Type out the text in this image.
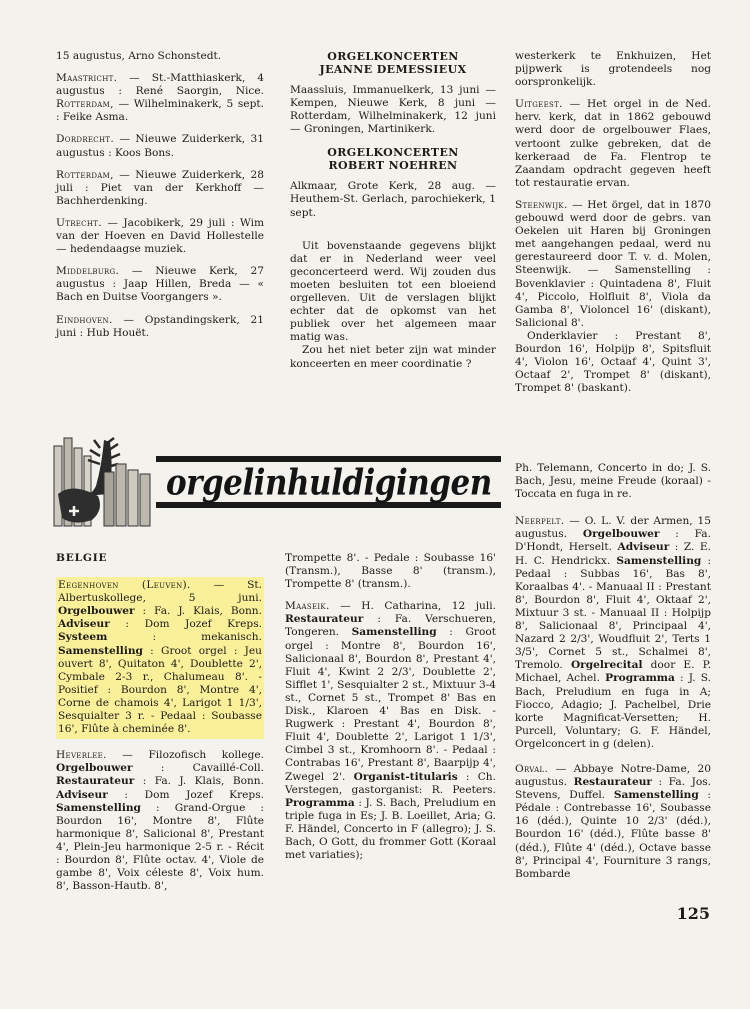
15 augustus, Arno Schonstedt.

Maastricht. — St.-Matthiaskerk, 4 augustus : René Saorgin, Nice. Rotterdam, — Wilhelminakerk, 5 sept. : Feike Asma.

Dordrecht. — Nieuwe Zuiderkerk, 31 augustus : Koos Bons.

Rotterdam, — Nieuwe Zuiderkerk, 28 juli : Piet van der Kerkhoff — Bachherdenking.

Utrecht. — Jacobikerk, 29 juli : Wim van der Hoeven en David Hollestelle — hedendaagse muziek.

Middelburg. — Nieuwe Kerk, 27 augustus : Jaap Hillen, Breda — « Bach en Duitse Voorgangers ».

Eindhoven. — Opstandingskerk, 21 juni : Hub Houët.

ORGELKONCERTEN
JEANNE DEMESSIEUX

Maassluis, Immanuelkerk, 13 juni — Kempen, Nieuwe Kerk, 8 juni — Rotterdam, Wilhelminakerk, 12 juni — Groningen, Martinikerk.

ORGELKONCERTEN
ROBERT NOEHREN

Alkmaar, Grote Kerk, 28 aug. — Heuthem-St. Gerlach, parochiekerk, 1 sept.

Uit bovenstaande gegevens blijkt dat er in Nederland weer veel geconcerteerd werd. Wij zouden dus moeten besluiten tot een bloeiend orgelleven. Uit de verslagen blijkt echter dat de opkomst van het publiek over het algemeen maar matig was.

Zou het niet beter zijn wat minder konceerten en meer coordinatie ?

westerkerk te Enkhuizen, Het pijpwerk is grotendeels nog oorspronkelijk.

Uitgeest. — Het orgel in de Ned. herv. kerk, dat in 1862 gebouwd werd door de orgelbouwer Flaes, vertoont zulke gebreken, dat de kerkeraad de Fa. Flentrop te Zaandam opdracht gegeven heeft tot restauratie ervan.

Steenwijk. — Het örgel, dat in 1870 gebouwd werd door de gebrs. van Oekelen uit Haren bij Groningen met aangehangen pedaal, werd nu gerestaureerd door T. v. d. Molen, Steenwijk. — Samenstelling : Bovenklavier : Quintadena 8', Fluit 4', Piccolo, Holfluit 8', Viola da Gamba 8', Violoncel 16' (diskant), Salicional 8'.

Onderklavier : Prestant 8', Bourdon 16', Holpijp 8', Spitsfluit 4', Violon 16', Octaaf 4', Quint 3', Octaaf 2', Trompet 8' (diskant), Trompet 8' (baskant).

orgelinhuldigingen

BELGIE

Eegenhoven (Leuven). — St. Albertuskollege, 5 juni. Orgelbouwer : Fa. J. Klais, Bonn. Adviseur : Dom Jozef Kreps. Systeem : mekanisch. Samenstelling : Groot orgel : Jeu ouvert 8', Quitaton 4', Doublette 2', Cymbale 2-3 r., Chalumeau 8'. - Positief : Bourdon 8', Montre 4', Corne de chamois 4', Larigot 1 1/3', Sesquialter 3 r. - Pedaal : Soubasse 16', Flûte à cheminée 8'.

Heverlee. — Filozofisch kollege. Orgelbouwer : Cavaillé-Coll. Restaurateur : Fa. J. Klais, Bonn. Adviseur : Dom Jozef Kreps. Samenstelling : Grand-Orgue : Bourdon 16', Montre 8', Flûte harmonique 8', Salicional 8', Prestant 4', Plein-Jeu harmonique 2-5 r. - Récit : Bourdon 8', Flûte octav. 4', Viole de gambe 8', Voix céleste 8', Voix hum. 8', Basson-Hautb. 8',

Trompette 8'. - Pedale : Soubasse 16' (Transm.), Basse 8' (transm.), Trompette 8' (transm.).

Maaseik. — H. Catharina, 12 juli. Restaurateur : Fa. Verschueren, Tongeren. Samenstelling : Groot orgel : Montre 8', Bourdon 16', Salicionaal 8', Bourdon 8', Prestant 4', Fluit 4', Kwint 2 2/3', Doublette 2', Sifflet 1', Sesquialter 2 st., Mixtuur 3-4 st., Cornet 5 st., Trompet 8' Bas en Disk., Klaroen 4' Bas en Disk. - Rugwerk : Prestant 4', Bourdon 8', Fluit 4', Doublette 2', Larigot 1 1/3', Cimbel 3 st., Kromhoorn 8'. - Pedaal : Contrabas 16', Prestant 8', Baarpijp 4', Zwegel 2'. Organist-titularis : Ch. Verstegen, gastorganist: R. Peeters. Programma : J. S. Bach, Preludium en triple fuga in Es; J. B. Loeillet, Aria; G. F. Händel, Concerto in F (allegro); J. S. Bach, O Gott, du frommer Gott (Koraal met variaties);

Ph. Telemann, Concerto in do; J. S. Bach, Jesu, meine Freude (koraal) - Toccata en fuga in re.

Neerpelt. — O. L. V. der Armen, 15 augustus. Orgelbouwer : Fa. D'Hondt, Herselt. Adviseur : Z. E. H. C. Hendrickx. Samenstelling : Pedaal : Subbas 16', Bas 8', Koraalbas 4'. - Manuaal II : Prestant 8', Bourdon 8', Fluit 4', Oktaaf 2', Mixtuur 3 st. - Manuaal II : Holpijp 8', Salicionaal 8', Principaal 4', Nazard 2 2/3', Woudfluit 2', Terts 1 3/5', Cornet 5 st., Schalmei 8', Tremolo. Orgelrecital door E. P. Michael, Achel. Programma : J. S. Bach, Preludium en fuga in A; Fiocco, Adagio; J. Pachelbel, Drie korte Magnificat-Versetten; H. Purcell, Voluntary; G. F. Händel, Orgelconcert in g (delen).

Orval. — Abbaye Notre-Dame, 20 augustus. Restaurateur : Fa. Jos. Stevens, Duffel. Samenstelling : Pédale : Contrebasse 16', Soubasse 16 (déd.), Quinte 10 2/3' (déd.), Bourdon 16' (déd.), Flûte basse 8' (déd.), Flûte 4' (déd.), Octave basse 8', Principal 4', Fourniture 3 rangs, Bombarde

125
